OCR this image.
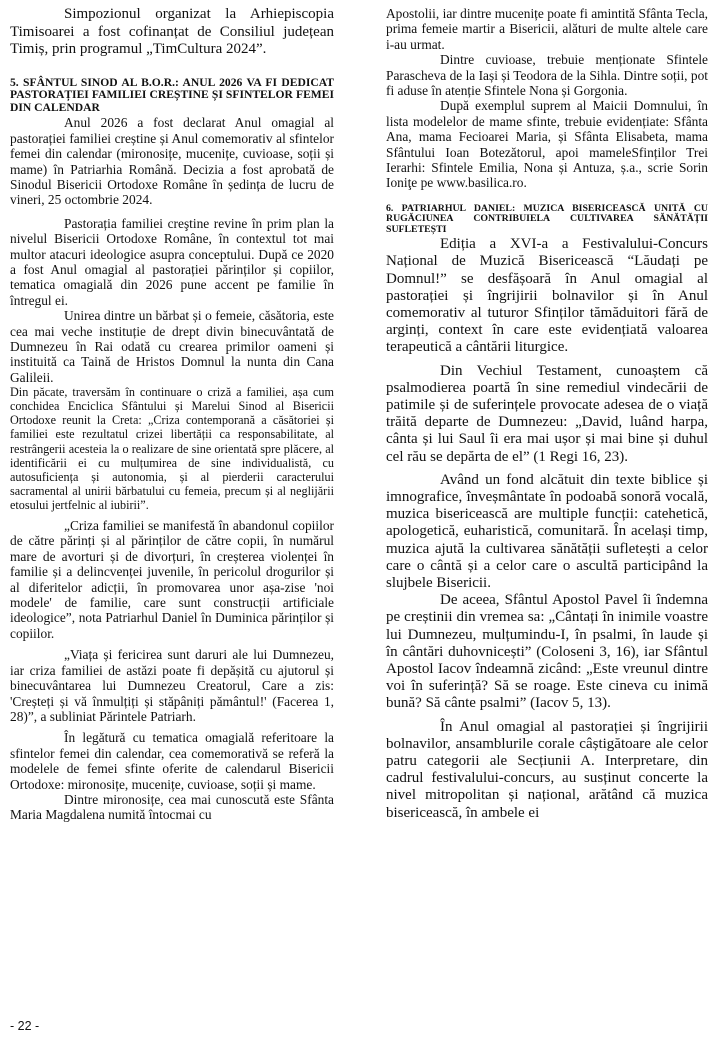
Simpozionul organizat la Arhiepiscopia Timisoarei a fost cofinanțat de Consiliul județean Timiș, prin programul „TimCultura 2024”.

5. SFÂNTUL SINOD AL B.O.R.: ANUL 2026 VA FI DEDICAT PASTORAȚIEI FAMILIEI CREȘTINE ȘI SFINTELOR FEMEI DIN CALENDAR

Anul 2026 a fost declarat Anul omagial al pastorației familiei creștine și Anul comemorativ al sfintelor femei din calendar (mironosițe, mucenițe, cuvioase, soții și mame) în Patriarhia Română. Decizia a fost aprobată de Sinodul Bisericii Ortodoxe Române în ședința de lucru de vineri, 25 octombrie 2024.

Pastorația familiei creştine revine în prim plan la nivelul Bisericii Ortodoxe Române, în contextul tot mai multor atacuri ideologice asupra conceptului. După ce 2020 a fost Anul omagial al pastorației părinților și copiilor, tematica omagială din 2026 pune accent pe familie în întregul ei.

Unirea dintre un bărbat și o femeie, căsătoria, este cea mai veche instituție de drept divin binecuvântată de Dumnezeu în Rai odată cu crearea primilor oameni și instituită ca Taină de Hristos Domnul la nunta din Cana Galileii.

Din păcate, traversăm în continuare o criză a familiei, așa cum conchidea Enciclica Sfântului și Marelui Sinod al Bisericii Ortodoxe reunit la Creta: „Criza contemporană a căsătoriei și familiei este rezultatul crizei libertății ca responsabilitate, al restrângerii acesteia la o realizare de sine orientată spre plăcere, al identificării ei cu mulțumirea de sine individualistă, cu autosuficiența și autonomia, și al pierderii caracterului sacramental al unirii bărbatului cu femeia, precum și al neglijării etosului jertfelnic al iubirii”.

„Criza familiei se manifestă în abandonul copiilor de către părinți și al părinților de către copii, în numărul mare de avorturi și de divorțuri, în creșterea violenței în familie și a delincvenței juvenile, în pericolul drogurilor și al diferitelor adicții, în promovarea unor așa-zise 'noi modele' de familie, care sunt construcții artificiale ideologice”, nota Patriarhul Daniel în Duminica părinților și copiilor.

„Viața și fericirea sunt daruri ale lui Dumnezeu, iar criza familiei de astăzi poate fi depășită cu ajutorul și binecuvântarea lui Dumnezeu Creatorul, Care a zis: 'Creșteți și vă înmulțiți și stăpâniți pământul!' (Facerea 1, 28)”, a subliniat Părintele Patriarh.

În legătură cu tematica omagială referitoare la sfintelor femei din calendar, cea comemorativă se referă la modelele de femei sfinte oferite de calendarul Bisericii Ortodoxe: mironosițe, mucenițe, cuvioase, soții și mame.

Dintre mironosițe, cea mai cunoscută este Sfânta Maria Magdalena numită întocmai cu

Apostolii, iar dintre mucenițe poate fi amintită Sfânta Tecla, prima femeie martir a Bisericii, alături de multe altele care i-au urmat.

Dintre cuvioase, trebuie menționate Sfintele Parascheva de la Iași și Teodora de la Sihla. Dintre soții, pot fi aduse în atenție Sfintele Nona și Gorgonia.

După exemplul suprem al Maicii Domnului, în lista modelelor de mame sfinte, trebuie evidențiate: Sfânta Ana, mama Fecioarei Maria, și Sfânta Elisabeta, mama Sfântului Ioan Botezătorul, apoi mameleSfinților Trei Ierarhi: Sfintele Emilia, Nona și Antuza, ș.a., scrie Sorin Ioniţe pe www.basilica.ro.

6. PATRIARHUL DANIEL: MUZICA BISERICEASCĂ UNITĂ CU RUGĂCIUNEA CONTRIBUIELA CULTIVAREA SĂNĂTĂȚII SUFLETEȘTI

Ediția a XVI-a a Festivalului-Concurs Național de Muzică Bisericească “Lăudați pe Domnul!” se desfășoară în Anul omagial al pastorației și îngrijirii bolnavilor și în Anul comemorativ al tuturor Sfinților tămăduitori fără de arginți, context în care este evidențiată valoarea terapeutică a cântării liturgice.

Din Vechiul Testament, cunoaștem că psalmodierea poartă în sine remediul vindecării de patimile și de suferințele provocate adesea de o viață trăită departe de Dumnezeu: „David, luând harpa, cânta și lui Saul îi era mai ușor și mai bine și duhul cel rău se depărta de el” (1 Regi 16, 23).

Având un fond alcătuit din texte biblice și imnografice, înveșmântate în podoabă sonoră vocală, muzica bisericească are multiple funcții: catehetică, apologetică, euharistică, comunitară. În același timp, muzica ajută la cultivarea sănătății sufletești a celor care o cântă și a celor care o ascultă participând la slujbele Bisericii.

De aceea, Sfântul Apostol Pavel îi îndemna pe creștinii din vremea sa: „Cântați în inimile voastre lui Dumnezeu, mulțumindu-I, în psalmi, în laude și în cântări duhovnicești” (Coloseni 3, 16), iar Sfântul Apostol Iacov îndeamnă zicând: „Este vreunul dintre voi în suferință? Să se roage. Este cineva cu inimă bună? Să cânte psalmi” (Iacov 5, 13).

În Anul omagial al pastorației și îngrijirii bolnavilor, ansamblurile corale câștigătoare ale celor patru categorii ale Secțiunii A. Interpretare, din cadrul festivalului-concurs, au susținut concerte la nivel mitropolitan și național, arătând că muzica bisericească, în ambele ei

- 22 -
